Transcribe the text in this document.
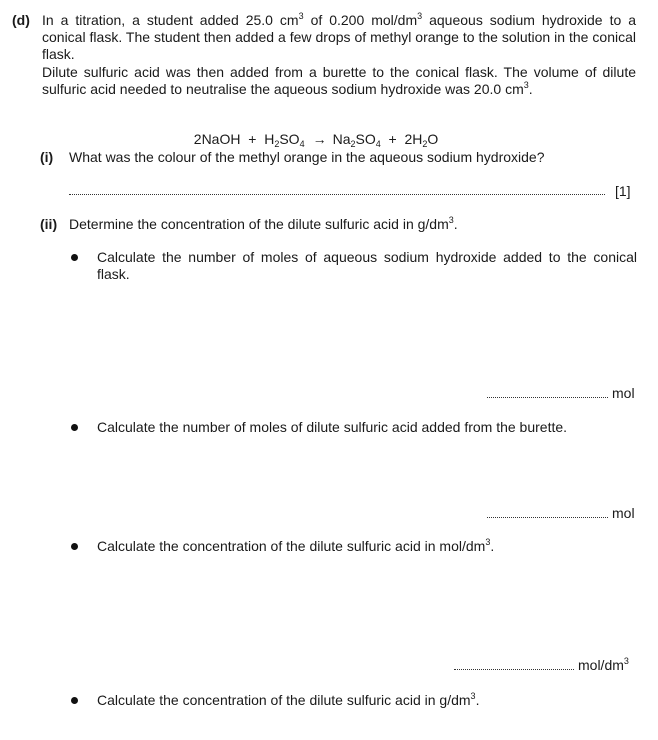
(d) In a titration, a student added 25.0 $cm^3$ of 0.200 mol/$dm^3$ aqueous sodium hydroxide to a conical flask. The student then added a few drops of methyl orange to the solution in the conical flask.
Dilute sulfuric acid was then added from a burette to the conical flask. The volume of dilute sulfuric acid needed to neutralise the aqueous sodium hydroxide was 20.0 $cm^3$.

2NaOH  +  $H_2SO_4 \to Na_2SO_4 + 2H_2O$

(i) What was the colour of the methyl orange in the aqueous sodium hydroxide?
[1]
(ii) Determine the concentration of the dilute sulfuric acid in $g/dm^3$.
Calculate the number of moles of aqueous sodium hydroxide added to the conical flask.
mol
Calculate the number of moles of dilute sulfuric acid added from the burette.
mol
Calculate the concentration of the dilute sulfuric acid in mol/$dm^3$.
mol/$dm^3$
Calculate the concentration of the dilute sulfuric acid in $g/dm^3$.
